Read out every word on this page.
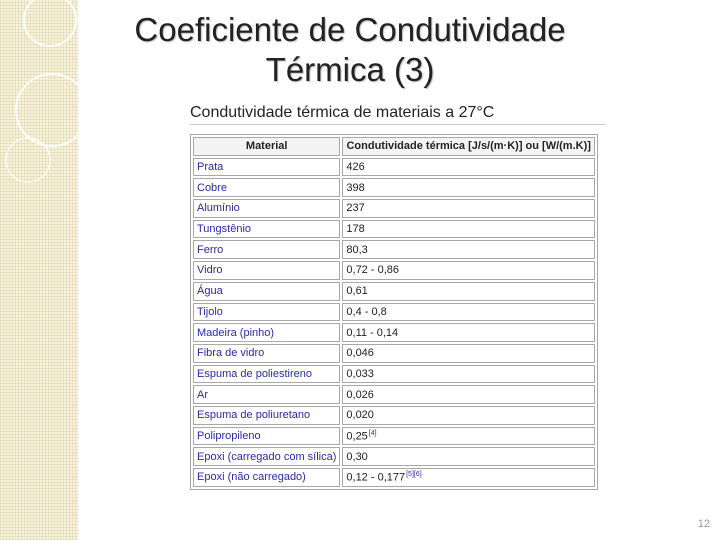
Coeficiente de Condutividade
Térmica (3)
Condutividade térmica de materiais a 27°C
Material	Condutividade térmica [J/s/(m·K)] ou [W/(m.K)]
Prata	426
Cobre	398
Alumínio	237
Tungstênio	178
Ferro	80,3
Vidro	0,72 - 0,86
Água	0,61
Tijolo	0,4 - 0,8
Madeira (pinho)	0,11 - 0,14
Fibra de vidro	0,046
Espuma de poliestireno	0,033
Ar	0,026
Espuma de poliuretano	0,020
Polipropileno	0,25[4]
Epoxi (carregado com sílica)	0,30
Epoxi (não carregado)	0,12 - 0,177[5][6]
12
